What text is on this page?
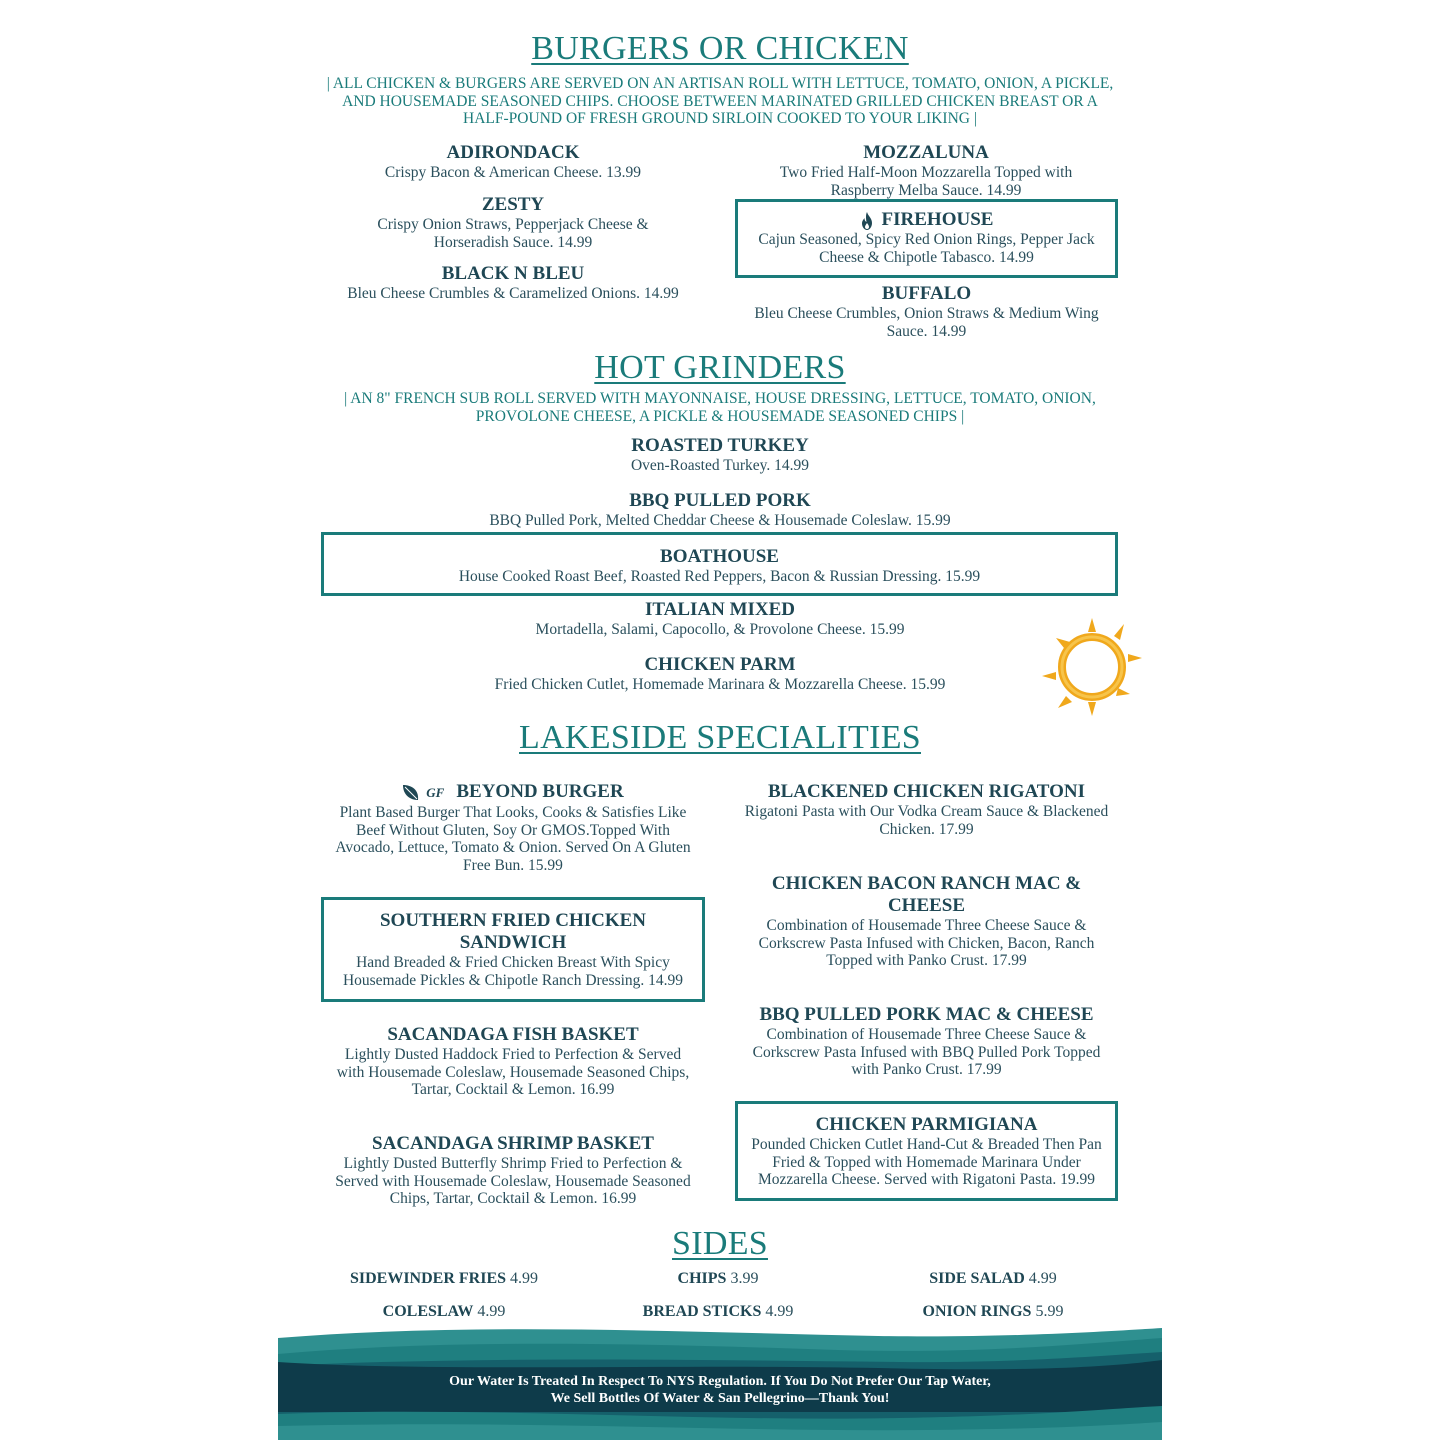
BURGERS OR CHICKEN
| ALL CHICKEN & BURGERS ARE SERVED ON AN ARTISAN ROLL WITH LETTUCE, TOMATO, ONION, A PICKLE, AND HOUSEMADE SEASONED CHIPS. CHOOSE BETWEEN MARINATED GRILLED CHICKEN BREAST OR A HALF-POUND OF FRESH GROUND SIRLOIN COOKED TO YOUR LIKING |
ADIRONDACK
Crispy Bacon & American Cheese. 13.99
ZESTY
Crispy Onion Straws, Pepperjack Cheese & Horseradish Sauce. 14.99
BLACK N BLEU
Bleu Cheese Crumbles & Caramelized Onions. 14.99
MOZZALUNA
Two Fried Half-Moon Mozzarella Topped with Raspberry Melba Sauce. 14.99
FIREHOUSE
Cajun Seasoned, Spicy Red Onion Rings, Pepper Jack Cheese & Chipotle Tabasco. 14.99
BUFFALO
Bleu Cheese Crumbles, Onion Straws & Medium Wing Sauce. 14.99
HOT GRINDERS
| AN 8" FRENCH SUB ROLL SERVED WITH MAYONNAISE, HOUSE DRESSING, LETTUCE, TOMATO, ONION, PROVOLONE CHEESE, A PICKLE & HOUSEMADE SEASONED CHIPS |
ROASTED TURKEY
Oven-Roasted Turkey. 14.99
BBQ PULLED PORK
BBQ Pulled Pork, Melted Cheddar Cheese & Housemade Coleslaw. 15.99
BOATHOUSE
House Cooked Roast Beef, Roasted Red Peppers, Bacon & Russian Dressing. 15.99
ITALIAN MIXED
Mortadella, Salami, Capocollo, & Provolone Cheese. 15.99
CHICKEN PARM
Fried Chicken Cutlet, Homemade Marinara & Mozzarella Cheese. 15.99
LAKESIDE SPECIALITIES
GF BEYOND BURGER
Plant Based Burger That Looks, Cooks & Satisfies Like Beef Without Gluten, Soy Or GMOS.Topped With Avocado, Lettuce, Tomato & Onion. Served On A Gluten Free Bun. 15.99
SOUTHERN FRIED CHICKEN SANDWICH
Hand Breaded & Fried Chicken Breast With Spicy Housemade Pickles & Chipotle Ranch Dressing. 14.99
SACANDAGA FISH BASKET
Lightly Dusted Haddock Fried to Perfection & Served with Housemade Coleslaw, Housemade Seasoned Chips, Tartar, Cocktail & Lemon. 16.99
SACANDAGA SHRIMP BASKET
Lightly Dusted Butterfly Shrimp Fried to Perfection & Served with Housemade Coleslaw, Housemade Seasoned Chips, Tartar, Cocktail & Lemon. 16.99
BLACKENED CHICKEN RIGATONI
Rigatoni Pasta with Our Vodka Cream Sauce & Blackened Chicken. 17.99
CHICKEN BACON RANCH MAC & CHEESE
Combination of Housemade Three Cheese Sauce & Corkscrew Pasta Infused with Chicken, Bacon, Ranch Topped with Panko Crust. 17.99
BBQ PULLED PORK MAC & CHEESE
Combination of Housemade Three Cheese Sauce & Corkscrew Pasta Infused with BBQ Pulled Pork Topped with Panko Crust. 17.99
CHICKEN PARMIGIANA
Pounded Chicken Cutlet Hand-Cut & Breaded Then Pan Fried & Topped with Homemade Marinara Under Mozzarella Cheese. Served with Rigatoni Pasta. 19.99
SIDES
SIDEWINDER FRIES 4.99	CHIPS 3.99	SIDE SALAD 4.99
COLESLAW 4.99	BREAD STICKS 4.99	ONION RINGS 5.99
Our Water Is Treated In Respect To NYS Regulation. If You Do Not Prefer Our Tap Water,
We Sell Bottles Of Water & San Pellegrino—Thank You!
